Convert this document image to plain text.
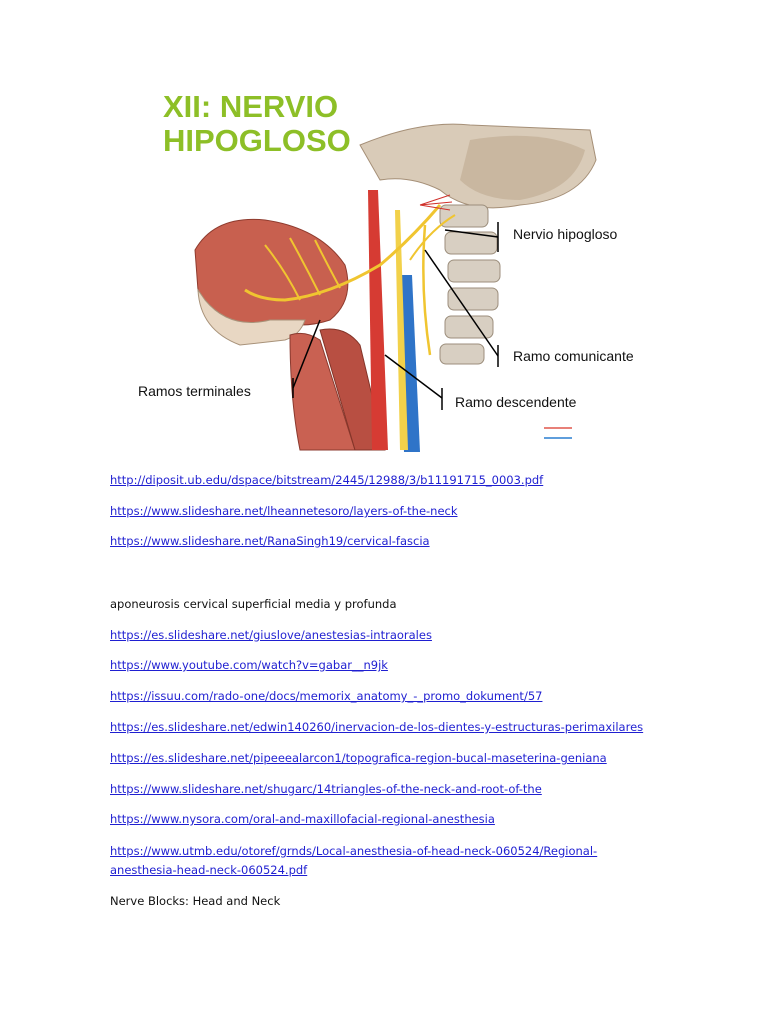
XII: NERVIO
HIPOGLOSO
Nervio hipogloso
Ramo comunicante
Ramo descendente
Ramos terminales
http://diposit.ub.edu/dspace/bitstream/2445/12988/3/b11191715_0003.pdf
https://www.slideshare.net/lheannetesoro/layers-of-the-neck
https://www.slideshare.net/RanaSingh19/cervical-fascia
aponeurosis cervical superficial media y profunda
https://es.slideshare.net/giuslove/anestesias-intraorales
https://www.youtube.com/watch?v=gabar__n9jk
https://issuu.com/rado-one/docs/memorix_anatomy_-_promo_dokument/57
https://es.slideshare.net/edwin140260/inervacion-de-los-dientes-y-estructuras-perimaxilares
https://es.slideshare.net/pipeeealarcon1/topografica-region-bucal-maseterina-geniana
https://www.slideshare.net/shugarc/14triangles-of-the-neck-and-root-of-the
https://www.nysora.com/oral-and-maxillofacial-regional-anesthesia
https://www.utmb.edu/otoref/grnds/Local-anesthesia-of-head-neck-060524/Regional-
anesthesia-head-neck-060524.pdf
Nerve Blocks: Head and Neck
